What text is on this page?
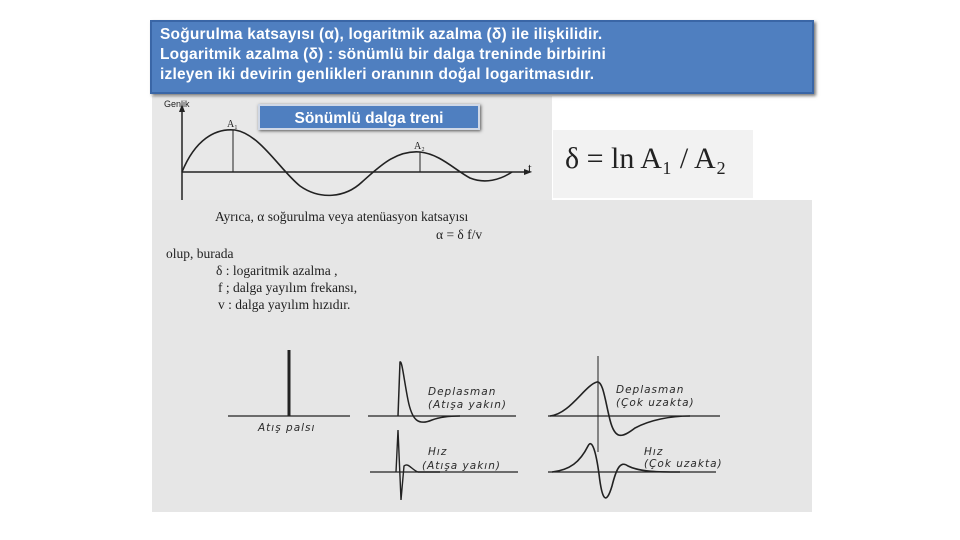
Soğurulma katsayısı (α), logaritmik azalma (δ) ile ilişkilidir.
Logaritmik azalma (δ) : sönümlü bir dalga treninde birbirini
izleyen iki devirin genlikleri oranının doğal logaritmasıdır.
Genlik
t
A₁
A₂
Sönümlü dalga treni
δ = ln A₁ / A₂
Ayrıca, α soğurulma veya atenüasyon katsayısı
α = δ f/v
olup, burada
δ : logaritmik azalma ,
f ; dalga yayılım frekansı,
v : dalga yayılım hızıdır.
Atış palsı
Deplasman
(Atışa yakın)
Deplasman
(Çok uzakta)
Hız
(Atışa yakın)
Hız
(Çok uzakta)
